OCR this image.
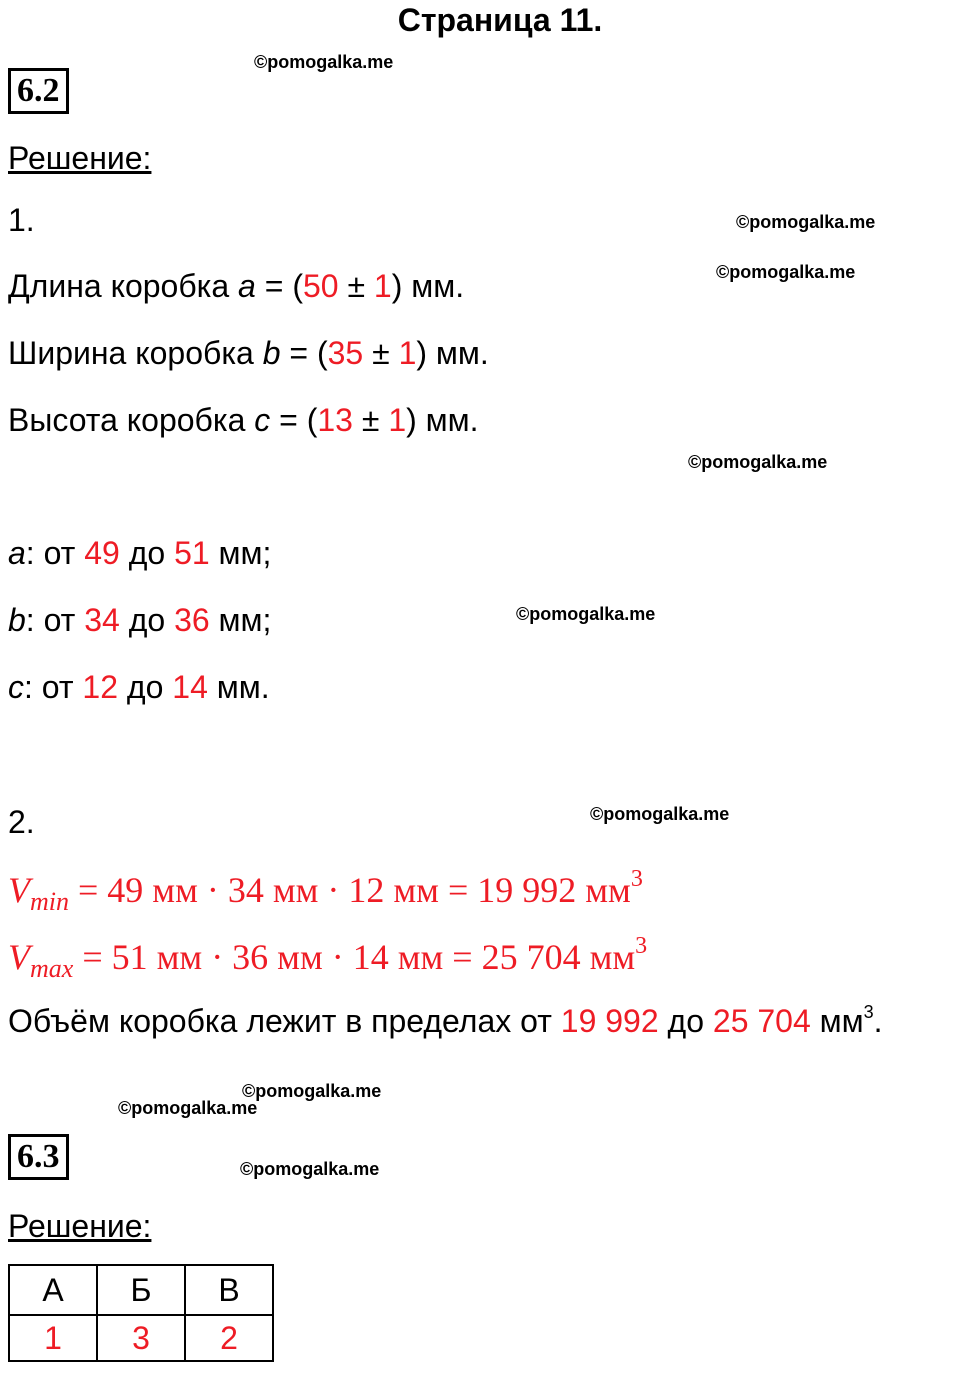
Страница 11.
©pomogalka.me
©pomogalka.me
©pomogalka.me
©pomogalka.me
©pomogalka.me
©pomogalka.me
©pomogalka.me
©pomogalka.me
©pomogalka.me
6.2
Решение:
1.
Длина коробка a = (50 ± 1) мм.
Ширина коробка b = (35 ± 1) мм.
Высота коробка c = (13 ± 1) мм.
a: от 49 до 51 мм;
b: от 34 до 36 мм;
c: от 12 до 14 мм.
2.
$V_{min} = 49$ мм · 34 мм · 12 мм = 19 992 $мм^3$
$V_{max} = 51$ мм · 36 мм · 14 мм = 25 704 $мм^3$
Объём коробка лежит в пределах от 19 992 до 25 704 $мм^3$.
6.3
Решение:
А	Б	В
1	3	2
